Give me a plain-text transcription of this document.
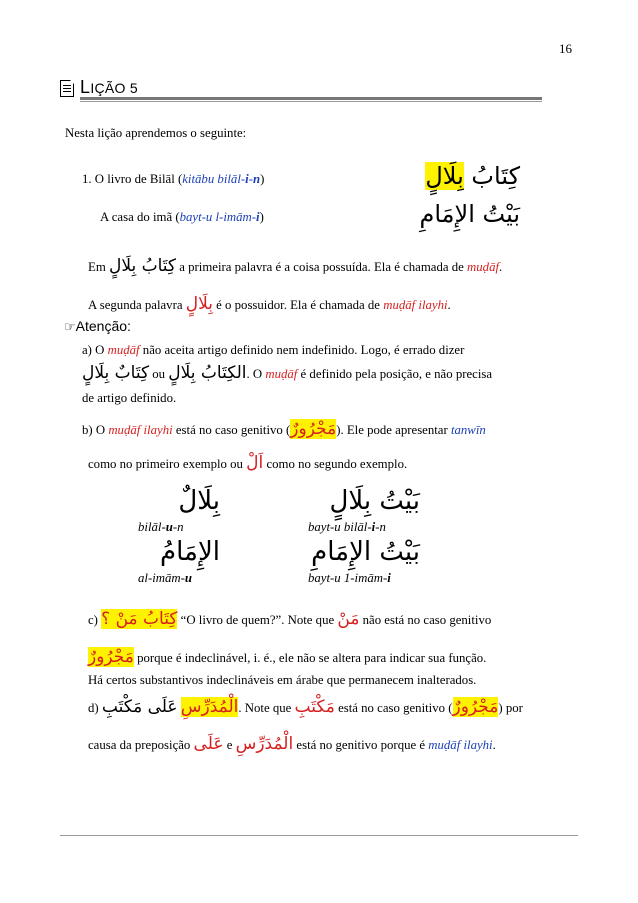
16
LIÇÃO 5
Nesta lição aprendemos o seguinte:
1. O livro de Bilāl (kitābu bilāl-i-n)	كِتَابُ بِلَالٍ
A casa do imã (bayt-u l-imām-i)	بَيْتُ الإِمَامِ
Em كِتَابُ بِلَالٍ a primeira palavra é a coisa possuída. Ela é chamada de muḍāf.
A segunda palavra بِلَالٍ é o possuidor. Ela é chamada de muḍāf ilayhi.
☞Atenção:
a) O muḍāf não aceita artigo definido nem indefinido. Logo, é errado dizer
كِتَابٌ بِلَالٍ ou الكِتَابُ بِلَالٍ. O muḍāf é definido pela posição, e não precisa
de artigo definido.
b) O muḍāf ilayhi está no caso genitivo (مَجْرُورٌ). Ele pode apresentar tanwīn
como no primeiro exemplo ou اَلْ como no segundo exemplo.
بِلَالٌ	بَيْتُ بِلَالٍ
bilāl-u-n	bayt-u bilāl-i-n
الإِمَامُ	بَيْتُ الإِمَامِ
al-imām-u	bayt-u 1-imām-i
c) كِتَابُ مَنْ ؟ “O livro de quem?”. Note que مَنْ não está no caso genitivo
مَجْرُورٌ porque é indeclinável, i. é., ele não se altera para indicar sua função.
Há certos substantivos indeclináveis em árabe que permanecem inalterados.
d) عَلَى مَكْتَبِ الْمُدَرِّسِ. Note que مَكْتَبِ está no caso genitivo (مَجْرُورٌ) por
causa da preposição عَلَى e الْمُدَرِّسِ está no genitivo porque é muḍāf ilayhi.
